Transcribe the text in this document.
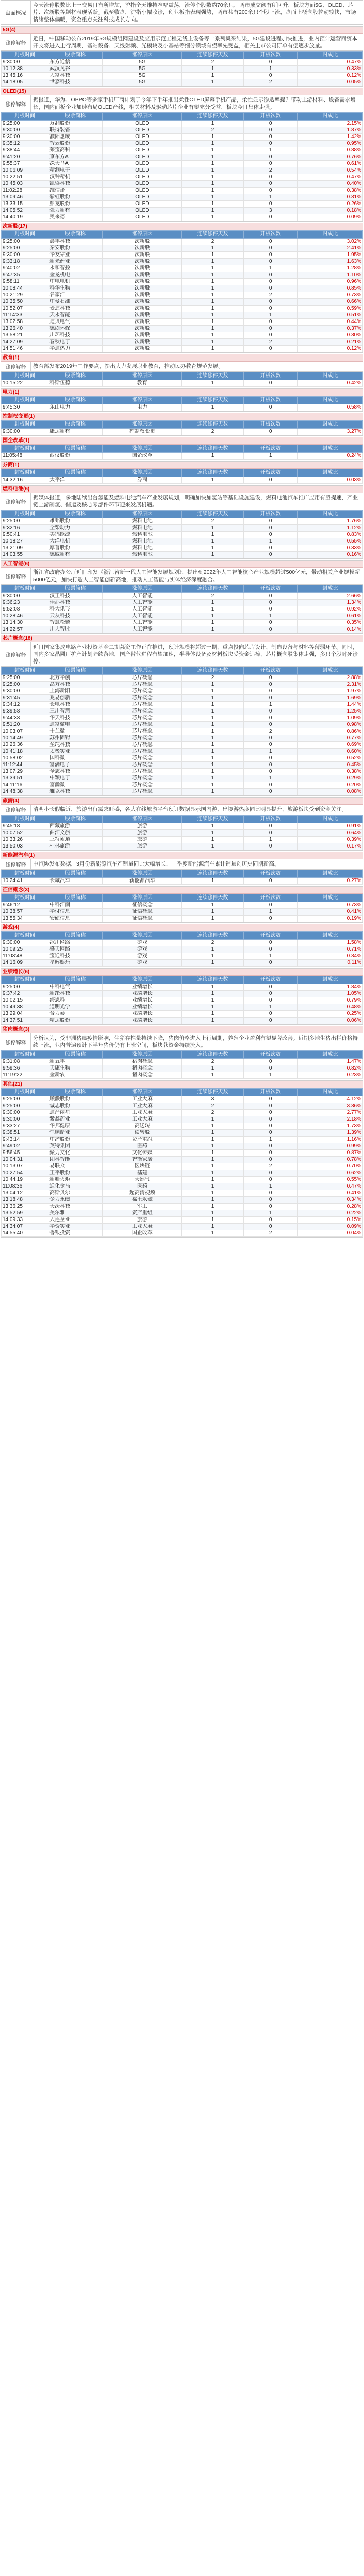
盘面概况
今天涨停股数比上一交易日有所增加，沪指全天维持窄幅震荡，涨停个股数约70余只，两市成交额有所回升，板块方面5G、OLED、芯片、次新股等题材表现活跃。截至收盘，沪指小幅收涨，创业板指表现强势，两市共有200余只个股上涨，盘面上概念股轮动较快，市场情绪整体偏暖，资金重点关注科技成长方向。
5G(4)
涨停解释
近日，中国移动公布2019年5G规模组网建设及应用示范工程无线主设备等一系列集采结果，5G建设进程加快推进，业内预计运营商资本开支将进入上行周期，基站设备、天线射频、光模块及小基站等细分领域有望率先受益，相关上市公司订单有望逐步放量。
封板时间	股票简称	涨停原因	连续涨停天数	开板次数	封成比
9:30:00	东方通信	5G	2	0	0.47%
10:12:38	武汉凡谷	5G	1	1	0.33%
13:45:16	大富科技	5G	1	0	0.12%
14:18:05	世嘉科技	5G	1	2	0.05%
OLED(15)
涨停解释
据报道，华为、OPPO等多家手机厂商计划于今年下半年推出柔性OLED屏幕手机产品，柔性显示渗透率提升带动上游材料、设备需求增长，国内面板企业加速布局OLED产线，相关材料及驱动芯片企业有望充分受益，板块今日集体走强。
封板时间	股票简称	涨停原因	连续涨停天数	开板次数	封成比
9:25:00	万润股份	OLED	1	0	2.15%
9:30:00	联得装备	OLED	2	0	1.87%
9:30:00	濮阳惠成	OLED	1	0	1.42%
9:35:12	智云股份	OLED	1	0	0.95%
9:38:44	莱宝高科	OLED	1	1	0.88%
9:41:20	京东方A	OLED	1	0	0.76%
9:55:37	深天马A	OLED	1	0	0.61%
10:06:09	精测电子	OLED	1	2	0.54%
10:22:51	汉钟精机	OLED	1	0	0.47%
10:45:03	凯盛科技	OLED	1	0	0.40%
11:02:28	维信诺	OLED	1	0	0.38%
13:09:46	彩虹股份	OLED	1	1	0.31%
13:33:15	鼎龙股份	OLED	1	0	0.26%
14:05:52	强力新材	OLED	1	3	0.18%
14:40:19	奥来德	OLED	1	0	0.09%
次新股(17)
封板时间	股票简称	涨停原因	连续涨停天数	开板次数	封成比
9:25:00	晨丰科技	次新股	2	0	3.02%
9:25:00	秦安股份	次新股	1	0	2.41%
9:30:00	华友钴业	次新股	1	0	1.95%
9:33:18	新光药业	次新股	1	0	1.63%
9:40:02	永和智控	次新股	1	1	1.28%
9:47:35	金龙机电	次新股	1	0	1.10%
9:58:11	中电电机	次新股	1	0	0.96%
10:08:44	科华生物	次新股	1	0	0.85%
10:21:29	名家汇	次新股	1	2	0.73%
10:35:50	中曼石油	次新股	1	0	0.66%
10:52:07	麦迪科技	次新股	1	0	0.59%
11:14:33	天永智能	次新股	1	1	0.51%
13:02:58	迪贝电气	次新股	1	0	0.44%
13:26:40	德创环保	次新股	1	0	0.37%
13:58:21	川环科技	次新股	1	0	0.30%
14:27:09	春秋电子	次新股	1	2	0.21%
14:51:46	华通热力	次新股	1	0	0.12%
教育(1)
涨停解释	教育部发布2019年工作要点，提出大力发展职业教育，推动民办教育规范发展。
封板时间	股票简称	涨停原因	连续涨停天数	开板次数	封成比
10:15:22	科斯伍德	教育	1	0	0.42%
电力(1)
封板时间	股票简称	涨停原因	连续涨停天数	开板次数	封成比
9:45:30	乐山电力	电力	1	0	0.58%
控制权变更(1)
封板时间	股票简称	涨停原因	连续涨停天数	开板次数	封成比
9:30:00	康达新材	控制权变更	2	0	3.27%
国企改革(1)
封板时间	股票简称	涨停原因	连续涨停天数	开板次数	封成比
11:05:48	西仪股份	国企改革	1	1	0.24%
券商(1)
封板时间	股票简称	涨停原因	连续涨停天数	开板次数	封成比
14:32:16	太平洋	券商	1	0	0.03%
燃料电池(6)
涨停解释
据媒体报道，多地陆续出台氢能及燃料电池汽车产业发展规划，明确加快加氢站等基础设施建设，燃料电池汽车推广应用有望提速，产业链上游制氢、储运及核心零部件环节迎来发展机遇。
封板时间	股票简称	涨停原因	连续涨停天数	开板次数	封成比
9:25:00	雄韬股份	燃料电池	2	0	1.76%
9:32:16	全柴动力	燃料电池	1	0	1.12%
9:50:41	美锦能源	燃料电池	1	0	0.83%
10:18:27	大洋电机	燃料电池	1	1	0.55%
13:21:09	厚普股份	燃料电池	1	0	0.33%
14:03:55	德威新材	燃料电池	1	0	0.16%
人工智能(6)
涨停解释
浙江省政府办公厅近日印发《浙江省新一代人工智能发展规划》，提出到2022年人工智能核心产业规模超过500亿元，带动相关产业规模超5000亿元，加快打造人工智能创新高地，推动人工智能与实体经济深度融合。
封板时间	股票简称	涨停原因	连续涨停天数	开板次数	封成比
9:30:00	汉王科技	人工智能	2	0	2.66%
9:36:23	佳都科技	人工智能	1	0	1.34%
9:52:08	科大讯飞	人工智能	1	0	0.92%
10:28:46	云从科技	人工智能	1	1	0.61%
13:14:30	智慧松德	人工智能	1	0	0.35%
14:22:57	川大智胜	人工智能	1	0	0.14%
芯片概念(18)
涨停解释
近日国家集成电路产业投资基金二期募资工作正在推进，预计规模将超过一期，重点投向芯片设计、制造设备与材料等薄弱环节。同时，国内多家晶圆厂扩产计划陆续落地，国产替代进程有望加速，半导体设备及材料板块受资金追捧，芯片概念股集体走强，多只个股封死涨停。
封板时间	股票简称	涨停原因	连续涨停天数	开板次数	封成比
9:25:00	北方华创	芯片概念	2	0	2.88%
9:25:00	晶方科技	芯片概念	1	0	2.31%
9:30:00	上海新阳	芯片概念	1	0	1.97%
9:31:45	兆易创新	芯片概念	1	0	1.69%
9:34:12	长电科技	芯片概念	1	1	1.44%
9:39:58	三川智慧	芯片概念	1	0	1.25%
9:44:33	华天科技	芯片概念	1	0	1.09%
9:51:20	通富微电	芯片概念	1	0	0.98%
10:03:07	士兰微	芯片概念	1	2	0.86%
10:14:49	苏州固锝	芯片概念	1	0	0.77%
10:26:36	至纯科技	芯片概念	1	0	0.69%
10:41:18	太极实业	芯片概念	1	1	0.60%
10:58:02	国科微	芯片概念	1	0	0.52%
11:12:44	富满电子	芯片概念	1	0	0.45%
13:07:29	全志科技	芯片概念	1	0	0.38%
13:39:51	中颖电子	芯片概念	1	1	0.29%
14:11:16	富瀚微	芯片概念	1	0	0.20%
14:48:38	雅克科技	芯片概念	1	0	0.08%
旅游(4)
涨停解释	清明小长假临近，旅游出行需求旺盛，各大在线旅游平台预订数据显示国内游、出境游热度同比明显提升，旅游板块受到资金关注。
封板时间	股票简称	涨停原因	连续涨停天数	开板次数	封成比
9:45:18	西藏旅游	旅游	1	0	0.91%
10:07:52	曲江文旅	旅游	1	0	0.64%
10:33:26	三特索道	旅游	1	1	0.39%
13:50:03	桂林旅游	旅游	1	0	0.17%
新能源汽车(1)
涨停解释	中汽协发布数据，3月份新能源汽车产销量同比大幅增长，一季度新能源汽车累计销量创历史同期新高。
封板时间	股票简称	涨停原因	连续涨停天数	开板次数	封成比
10:24:41	长城汽车	新能源汽车	1	0	0.27%
征信概念(3)
封板时间	股票简称	涨停原因	连续涨停天数	开板次数	封成比
9:46:12	中科江南	征信概念	1	0	0.73%
10:38:57	华付信息	征信概念	1	1	0.41%
13:55:34	安硕信息	征信概念	1	0	0.19%
游戏(4)
封板时间	股票简称	涨停原因	连续涨停天数	开板次数	封成比
9:30:00	冰川网络	游戏	2	0	1.58%
10:09:25	盛天网络	游戏	1	0	0.71%
11:03:48	宝通科技	游戏	1	1	0.34%
14:16:09	星辉娱乐	游戏	1	0	0.11%
业绩增长(6)
封板时间	股票简称	涨停原因	连续涨停天数	开板次数	封成比
9:25:00	中科电气	业绩增长	1	0	1.84%
9:37:42	新纶科技	业绩增长	1	0	1.05%
10:02:15	海思科	业绩增长	1	0	0.79%
10:49:38	道明光学	业绩增长	1	1	0.48%
13:29:04	合力泰	业绩增长	1	0	0.25%
14:37:51	精达股份	业绩增长	1	0	0.06%
猪肉概念(3)
涨停解释
分析认为，受非洲猪瘟疫情影响，生猪存栏量持续下降，猪肉价格进入上行周期，养殖企业盈利有望显著改善。近期多地生猪出栏价格持续上涨，业内普遍预计下半年猪价仍有上涨空间，板块获资金持续流入。
封板时间	股票简称	涨停原因	连续涨停天数	开板次数	封成比
9:31:08	新五丰	猪肉概念	2	0	1.47%
9:59:36	天康生物	猪肉概念	1	0	0.82%
11:19:22	金新农	猪肉概念	1	1	0.23%
其他(21)
封板时间	股票简称	涨停原因	连续涨停天数	开板次数	封成比
9:25:00	顺灏股份	工业大麻	3	0	4.12%
9:25:00	诚志股份	工业大麻	2	0	3.36%
9:30:00	通产丽星	工业大麻	2	0	2.77%
9:30:00	紫鑫药业	工业大麻	1	0	2.18%
9:33:27	华邦健康	高送转	1	0	1.73%
9:38:51	恒顺醋业	债转股	1	0	1.39%
9:43:14	中潜股份	资产重组	1	1	1.16%
9:49:02	英特集团	医药	1	0	0.99%
9:56:45	聚力文化	文化传媒	1	0	0.87%
10:04:31	朗科智能	智能家居	1	0	0.78%
10:13:07	易联众	区块链	1	2	0.70%
10:27:54	正平股份	基建	1	0	0.62%
10:44:19	新疆火炬	天然气	1	0	0.55%
11:08:36	通化金马	医药	1	1	0.47%
13:04:12	高斯贝尔	超高清视频	1	0	0.41%
13:18:48	金力永磁	稀土永磁	1	0	0.34%
13:36:25	天沃科技	军工	1	0	0.28%
13:52:59	美尔雅	资产重组	1	1	0.22%
14:09:33	大连圣亚	旅游	1	0	0.15%
14:34:07	华资实业	工业大麻	1	0	0.09%
14:55:40	鲁银投资	国企改革	1	2	0.04%
